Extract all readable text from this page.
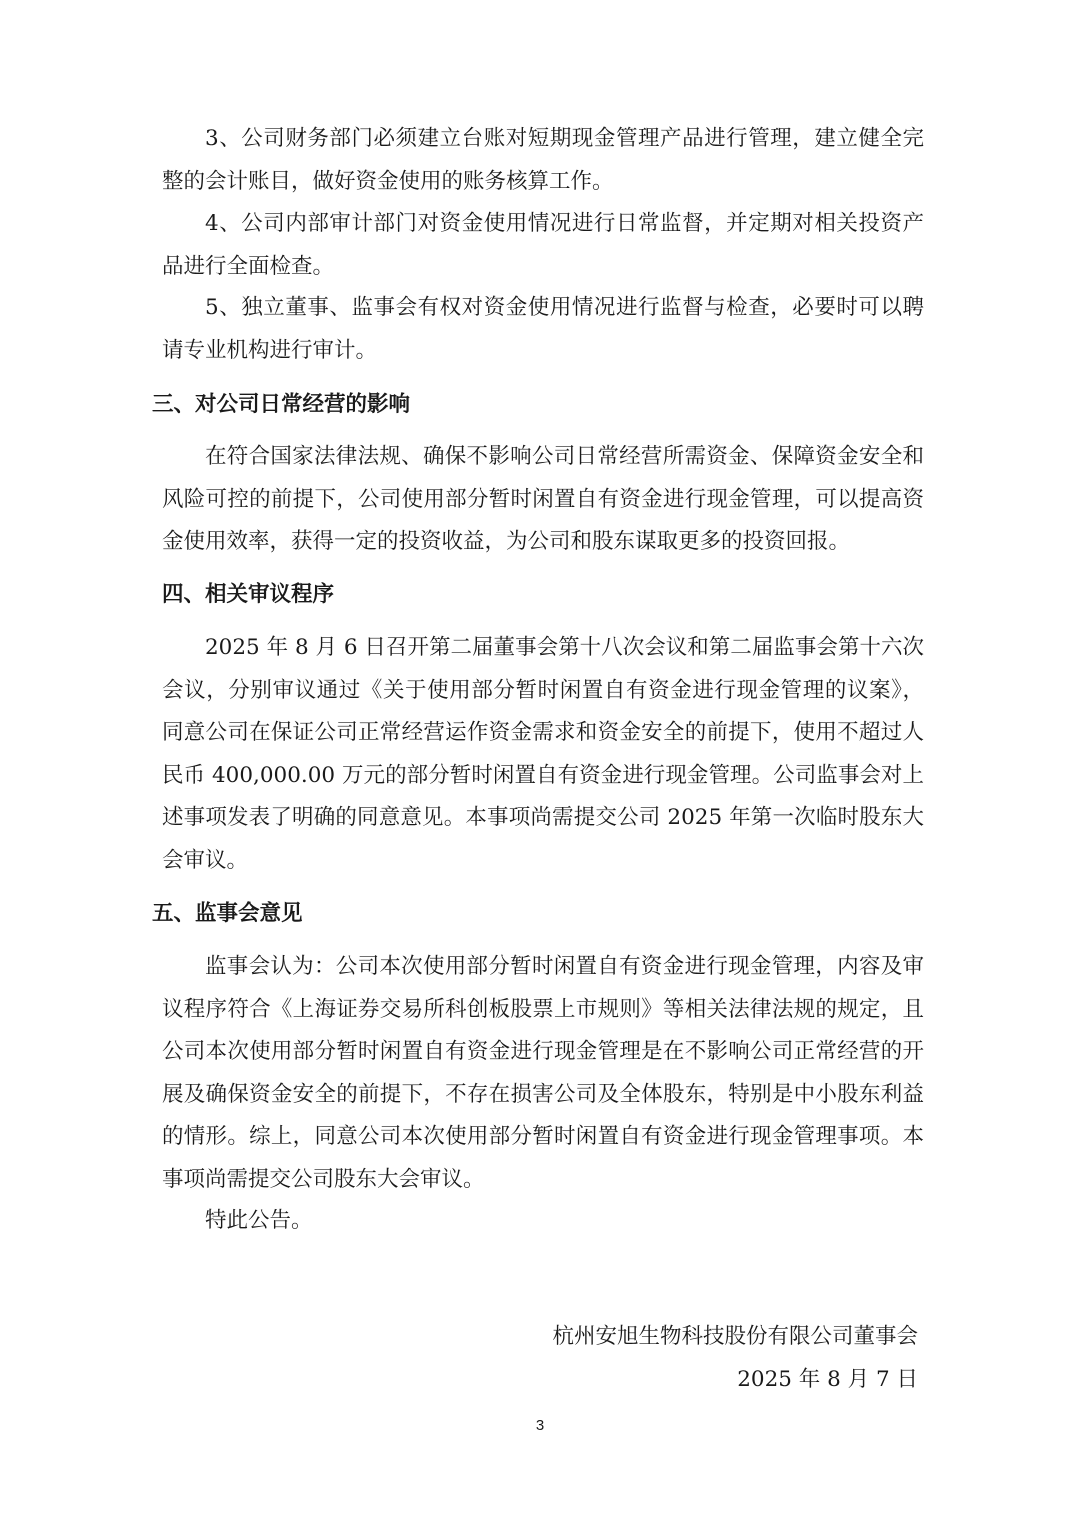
3、公司财务部门必须建立台账对短期现金管理产品进行管理，建立健全完整的会计账目，做好资金使用的账务核算工作。

4、公司内部审计部门对资金使用情况进行日常监督，并定期对相关投资产品进行全面检查。

5、独立董事、监事会有权对资金使用情况进行监督与检查，必要时可以聘请专业机构进行审计。

三、对公司日常经营的影响

在符合国家法律法规、确保不影响公司日常经营所需资金、保障资金安全和风险可控的前提下，公司使用部分暂时闲置自有资金进行现金管理，可以提高资金使用效率，获得一定的投资收益，为公司和股东谋取更多的投资回报。

四、相关审议程序

2025 年 8 月 6 日召开第二届董事会第十八次会议和第二届监事会第十六次会议，分别审议通过《关于使用部分暂时闲置自有资金进行现金管理的议案》，同意公司在保证公司正常经营运作资金需求和资金安全的前提下，使用不超过人民币 400,000.00 万元的部分暂时闲置自有资金进行现金管理。公司监事会对上述事项发表了明确的同意意见。本事项尚需提交公司 2025 年第一次临时股东大会审议。

五、监事会意见

监事会认为：公司本次使用部分暂时闲置自有资金进行现金管理，内容及审议程序符合《上海证券交易所科创板股票上市规则》等相关法律法规的规定，且公司本次使用部分暂时闲置自有资金进行现金管理是在不影响公司正常经营的开展及确保资金安全的前提下，不存在损害公司及全体股东，特别是中小股东利益的情形。综上，同意公司本次使用部分暂时闲置自有资金进行现金管理事项。本事项尚需提交公司股东大会审议。

特此公告。

杭州安旭生物科技股份有限公司董事会

2025 年 8 月 7 日

3
